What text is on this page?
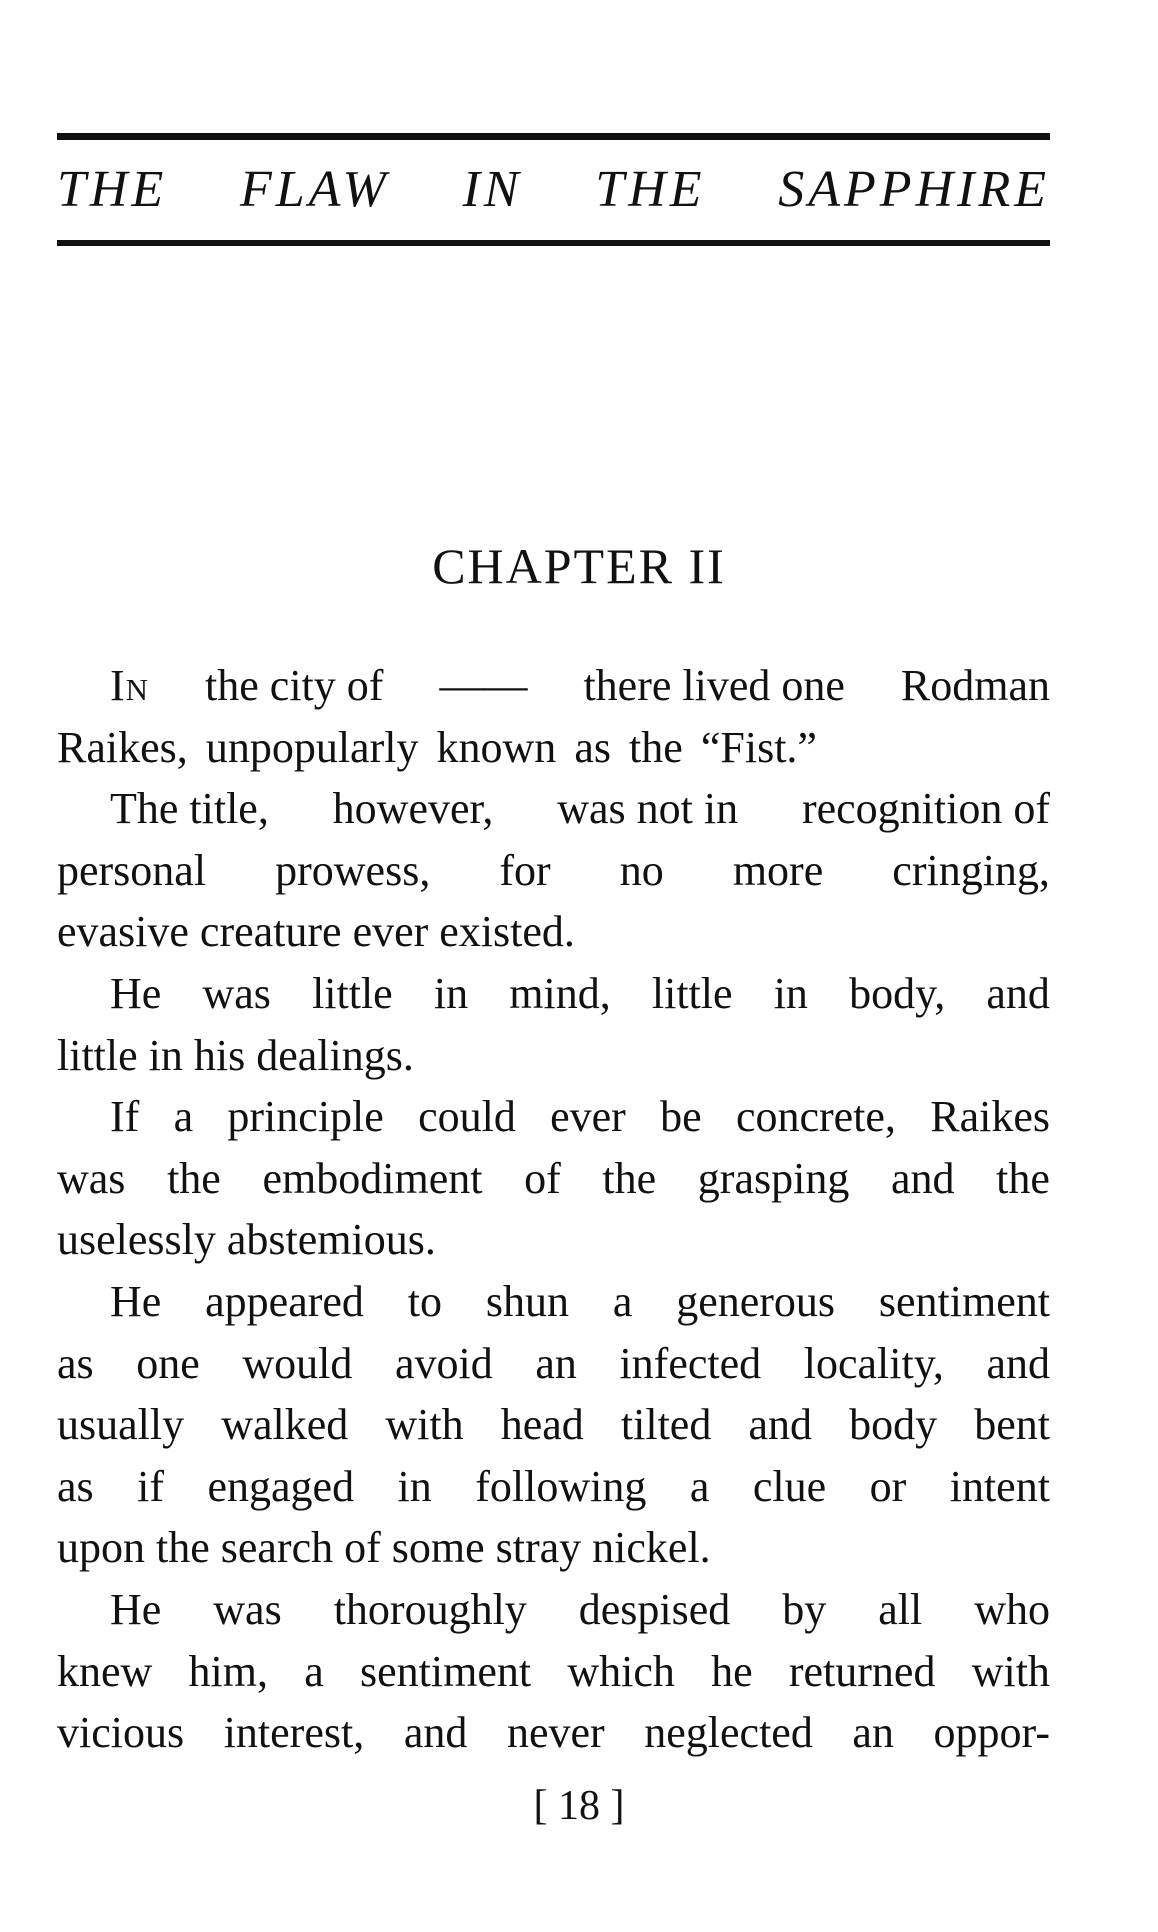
THE FLAW IN THE SAPPHIRE
CHAPTER II
In the city of —— there lived one Rodman
Raikes, unpopularly known as the “Fist.”
The title, however, was not in recognition of
personal prowess, for no more cringing,
evasive creature ever existed.
He was little in mind, little in body, and
little in his dealings.
If a principle could ever be concrete, Raikes
was the embodiment of the grasping and the
uselessly abstemious.
He appeared to shun a generous sentiment
as one would avoid an infected locality, and
usually walked with head tilted and body bent
as if engaged in following a clue or intent
upon the search of some stray nickel.
He was thoroughly despised by all who
knew him, a sentiment which he returned with
vicious interest, and never neglected an oppor-
[ 18 ]
